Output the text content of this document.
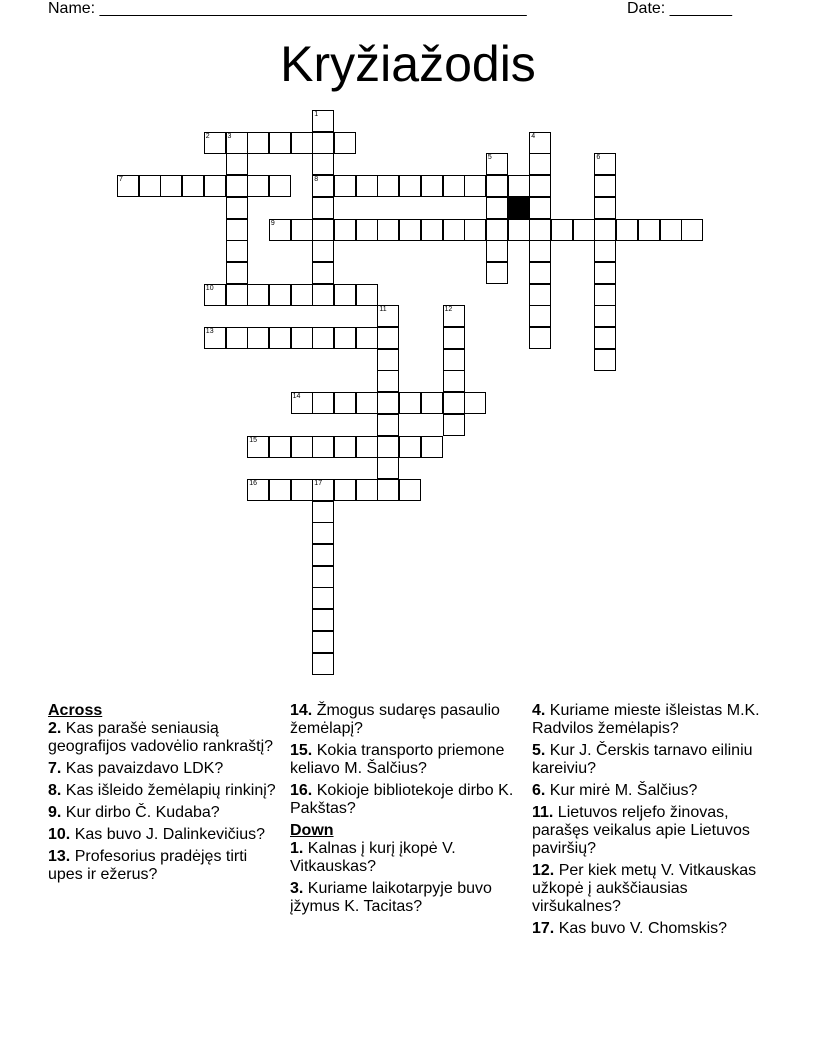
Name: ________________________________________________	Date: _______
Kryžiažodis
1
2	3	4
5	6
7	8
9
10
11	12
13
14
15
16	17
Across
2. Kas parašė seniausią geografijos vadovėlio rankraštį?
7. Kas pavaizdavo LDK?
8. Kas išleido žemėlapių rinkinį?
9. Kur dirbo Č. Kudaba?
10. Kas buvo J. Dalinkevičius?
13. Profesorius pradėjęs tirti upes ir ežerus?
14. Žmogus sudaręs pasaulio žemėlapį?
15. Kokia transporto priemone keliavo M. Šalčius?
16. Kokioje bibliotekoje dirbo K. Pakštas?
Down
1. Kalnas į kurį įkopė V. Vitkauskas?
3. Kuriame laikotarpyje buvo įžymus K. Tacitas?
4. Kuriame mieste išleistas M.K. Radvilos žemėlapis?
5. Kur J. Čerskis tarnavo eiliniu kareiviu?
6. Kur mirė M. Šalčius?
11. Lietuvos reljefo žinovas, parašęs veikalus apie Lietuvos paviršių?
12. Per kiek metų V. Vitkauskas užkopė į aukščiausias viršukalnes?
17. Kas buvo V. Chomskis?
